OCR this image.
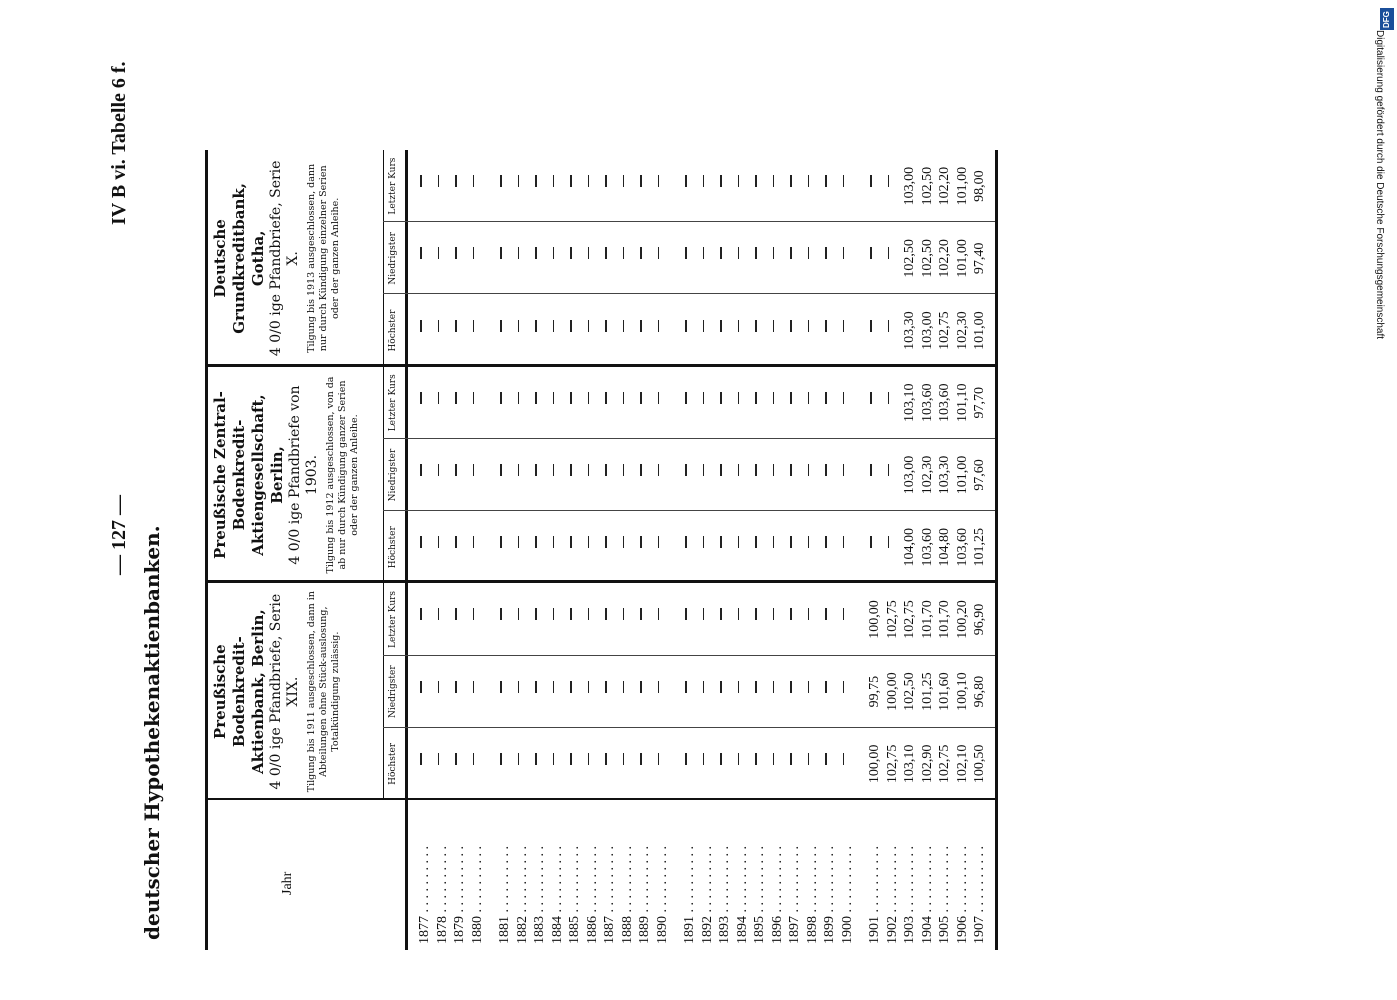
— 127 —
IV B vi. Tabelle 6 f.	Digitalisierung gefördert durch die Deutsche Forschungsgemeinschaft
DFG
deutscher Hypothekenaktienbanken.	Jahr
Preußische Bodenkredit-Aktienbank, Berlin, 4 0/0 ige Pfandbriefe, Serie XIX. Tilgung bis 1911 ausgeschlossen, dann in Abteilungen ohne Stück-auslosung, Totalkündigung zulässig.
Höchster
Niedrigster
Letzter Kurs
Preußische Zentral-Bodenkredit-Aktiengesellschaft, Berlin, 4 0/0 ige Pfandbriefe von 1903. Tilgung bis 1912 ausgeschlossen, von da ab nur durch Kündigung ganzer Serien oder der ganzen Anleihe.
Höchster
Niedrigster
Letzter Kurs
Deutsche Grundkreditbank, Gotha, 4 0/0 ige Pfandbriefe, Serie X. Tilgung bis 1913 ausgeschlossen, dann nur durch Kündigung einzelner Serien oder der ganzen Anleihe.
Höchster
Niedrigster
Letzter Kurs
1877 . . . . . . . . . . 1878 . . . . . . . . . . 1879 . . . . . . . . . . 1880 . . . . . . . . . . 1881 . . . . . . . . . . 1882 . . . . . . . . . . 1883 . . . . . . . . . . 1884 . . . . . . . . . . 1885 . . . . . . . . . . 1886 . . . . . . . . . . 1887 . . . . . . . . . . 1888 . . . . . . . . . . 1889 . . . . . . . . . . 1890 . . . . . . . . . . 1891 . . . . . . . . . . 1892 . . . . . . . . . . 1893 . . . . . . . . . . 1894 . . . . . . . . . . 1895 . . . . . . . . . . 1896 . . . . . . . . . . 1897 . . . . . . . . . . 1898 . . . . . . . . . . 1899 . . . . . . . . . . 1900 . . . . . . . . . . 1901 . . . . . . . . . .
100,00
99,75
100,00
1902 . . . . . . . . . .
102,75
100,00
102,75
1903 . . . . . . . . . .
103,10
102,50
102,75
104,00
103,00
103,10
103,30
102,50
103,00
1904 . . . . . . . . . .
102,90
101,25
101,70
103,60
102,30
103,60
103,00
102,50
102,50
1905 . . . . . . . . . .
102,75
101,60
101,70
104,80
103,30
103,60
102,75
102,20
102,20
1906 . . . . . . . . . .
102,10
100,10
100,20
103,60
101,00
101,10
102,30
101,00
101,00
1907 . . . . . . . . . .
100,50
96,80
96,90
101,25
97,60
97,70
101,00
97,40
98,00
